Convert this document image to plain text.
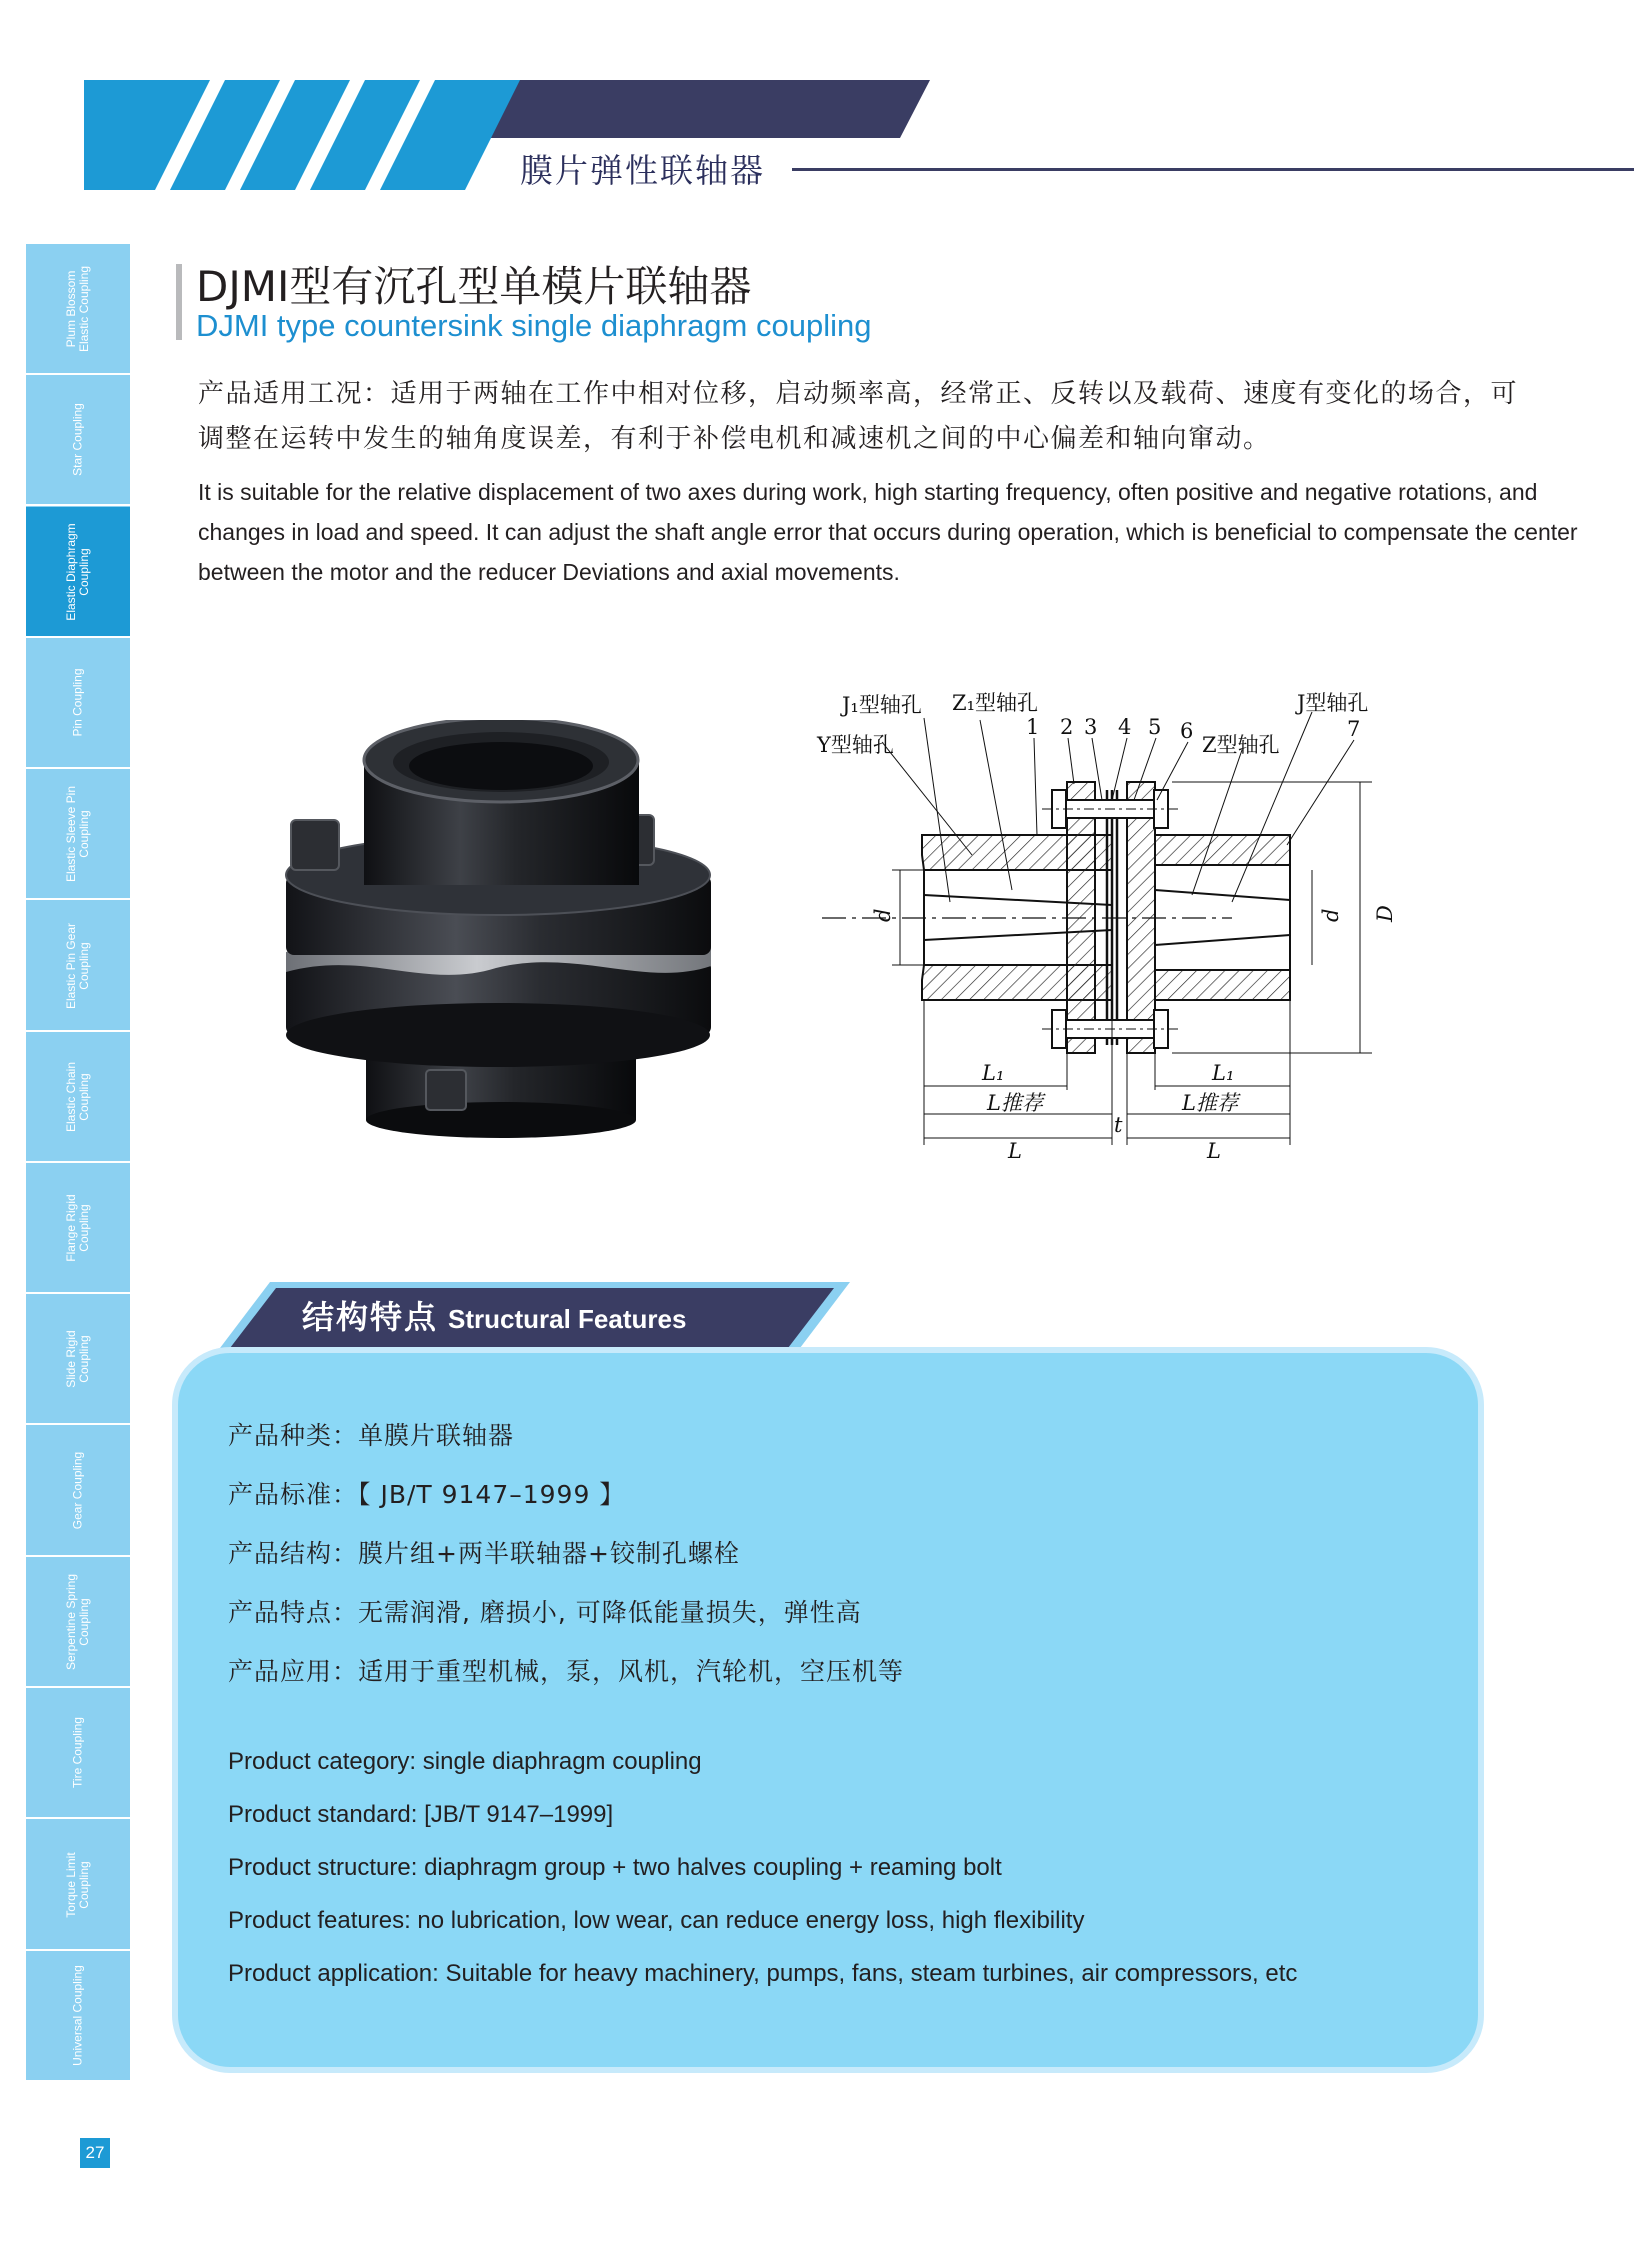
膜片弹性联轴器
Plum Blossom Elastic Coupling
Star Coupling
Elastic Diaphragm Coupling
Pin Coupling
Elastic Sleeve Pin Coupling
Elastic Pin Gear Coupling
Elastic Chain Coupling
Flange Rigid Coupling
Slide Rigid Coupling
Gear Coupling
Serpentine Spring Coupling
Tire Coupling
Torque Limit Coupling
Universal Coupling
27
DJMI型有沉孔型单模片联轴器
DJMI type countersink single diaphragm coupling
产品适用工况：适用于两轴在工作中相对位移，启动频率高，经常正、反转以及载荷、速度有变化的场合，可调整在运转中发生的轴角度误差，有利于补偿电机和减速机之间的中心偏差和轴向窜动。
It is suitable for the relative displacement of two axes during work, high starting frequency, often positive and negative rotations, and changes in load and speed. It can adjust the shaft angle error that occurs during operation, which is beneficial to compensate the center between the motor and the reducer Deviations and axial movements.
J₁型轴孔 Z₁型轴孔
Y型轴孔	Z型轴孔
J型轴孔
1 2 3 4 5 6	7
d	d D
L₁	L₁
L推荐	L推荐
t
L	L
结构特点 Structural Features
产品种类：单膜片联轴器
产品标准：【 JB/T 9147–1999 】
产品结构：膜片组+两半联轴器+铰制孔螺栓
产品特点：无需润滑, 磨损小, 可降低能量损失，弹性高
产品应用：适用于重型机械，泵，风机，汽轮机，空压机等
Product category: single diaphragm coupling
Product standard: [JB/T 9147–1999]
Product structure: diaphragm group + two halves coupling + reaming bolt
Product features: no lubrication, low wear, can reduce energy loss, high flexibility
Product application: Suitable for heavy machinery, pumps, fans, steam turbines, air compressors, etc
